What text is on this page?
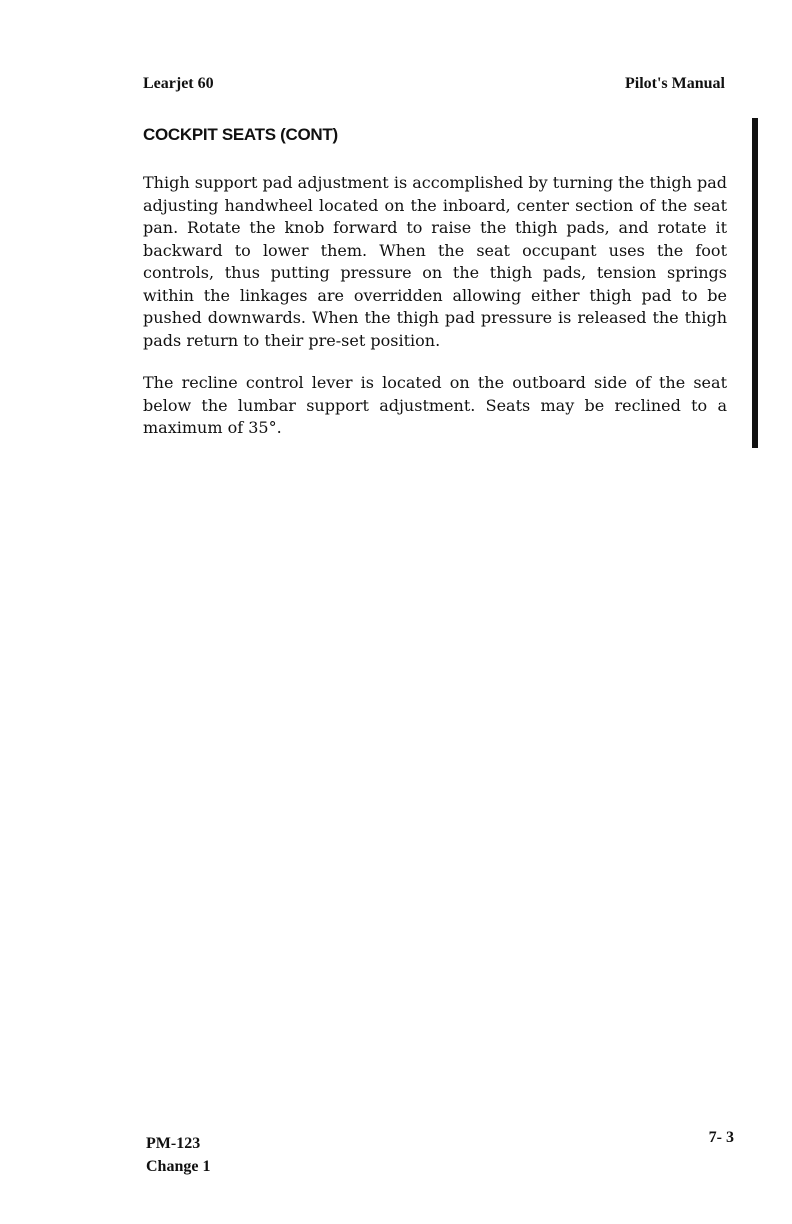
Learjet 60	Pilot's Manual
COCKPIT SEATS (CONT)

Thigh support pad adjustment is accomplished by turning the thigh pad adjusting handwheel located on the inboard, center section of the seat pan. Rotate the knob forward to raise the thigh pads, and rotate it backward to lower them. When the seat occupant uses the foot controls, thus putting pressure on the thigh pads, tension springs within the linkages are overridden allowing either thigh pad to be pushed downwards. When the thigh pad pressure is released the thigh pads return to their pre-set position.

The recline control lever is located on the outboard side of the seat below the lumbar support adjustment. Seats may be reclined to a maximum of 35°.

PM-123
Change 1
7- 3
